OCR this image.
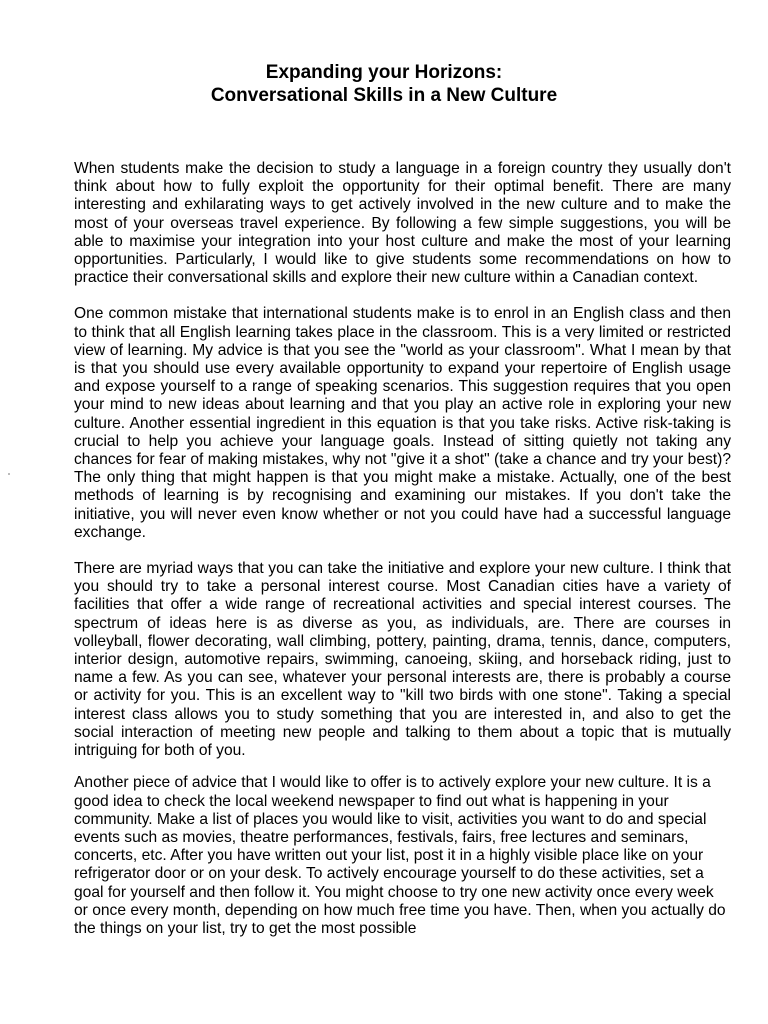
Expanding your Horizons:
Conversational Skills in a New Culture

When students make the decision to study a language in a foreign country they usually don't think about how to fully exploit the opportunity for their optimal benefit. There are many interesting and exhilarating ways to get actively involved in the new culture and to make the most of your overseas travel experience. By following a few simple suggestions, you will be able to maximise your integration into your host culture and make the most of your learning opportunities. Particularly, I would like to give students some recommendations on how to practice their conversational skills and explore their new culture within a Canadian context.

One common mistake that international students make is to enrol in an English class and then to think that all English learning takes place in the classroom. This is a very limited or restricted view of learning. My advice is that you see the "world as your classroom". What I mean by that is that you should use every available opportunity to expand your repertoire of English usage and expose yourself to a range of speaking scenarios. This suggestion requires that you open your mind to new ideas about learning and that you play an active role in exploring your new culture. Another essential ingredient in this equation is that you take risks. Active risk-taking is crucial to help you achieve your language goals. Instead of sitting quietly not taking any chances for fear of making mistakes, why not "give it a shot" (take a chance and try your best)? The only thing that might happen is that you might make a mistake. Actually, one of the best methods of learning is by recognising and examining our mistakes. If you don't take the initiative, you will never even know whether or not you could have had a successful language exchange.

There are myriad ways that you can take the initiative and explore your new culture. I think that you should try to take a personal interest course. Most Canadian cities have a variety of facilities that offer a wide range of recreational activities and special interest courses. The spectrum of ideas here is as diverse as you, as individuals, are. There are courses in volleyball, flower decorating, wall climbing, pottery, painting, drama, tennis, dance, computers, interior design, automotive repairs, swimming, canoeing, skiing, and horseback riding, just to name a few. As you can see, whatever your personal interests are, there is probably a course or activity for you. This is an excellent way to "kill two birds with one stone". Taking a special interest class allows you to study something that you are interested in, and also to get the social interaction of meeting new people and talking to them about a topic that is mutually intriguing for both of you.

Another piece of advice that I would like to offer is to actively explore your new culture. It is a good idea to check the local weekend newspaper to find out what is happening in your community. Make a list of places you would like to visit, activities you want to do and special events such as movies, theatre performances, festivals, fairs, free lectures and seminars, concerts, etc. After you have written out your list, post it in a highly visible place like on your refrigerator door or on your desk. To actively encourage yourself to do these activities, set a goal for yourself and then follow it. You might choose to try one new activity once every week or once every month, depending on how much free time you have. Then, when you actually do the things on your list, try to get the most possible
